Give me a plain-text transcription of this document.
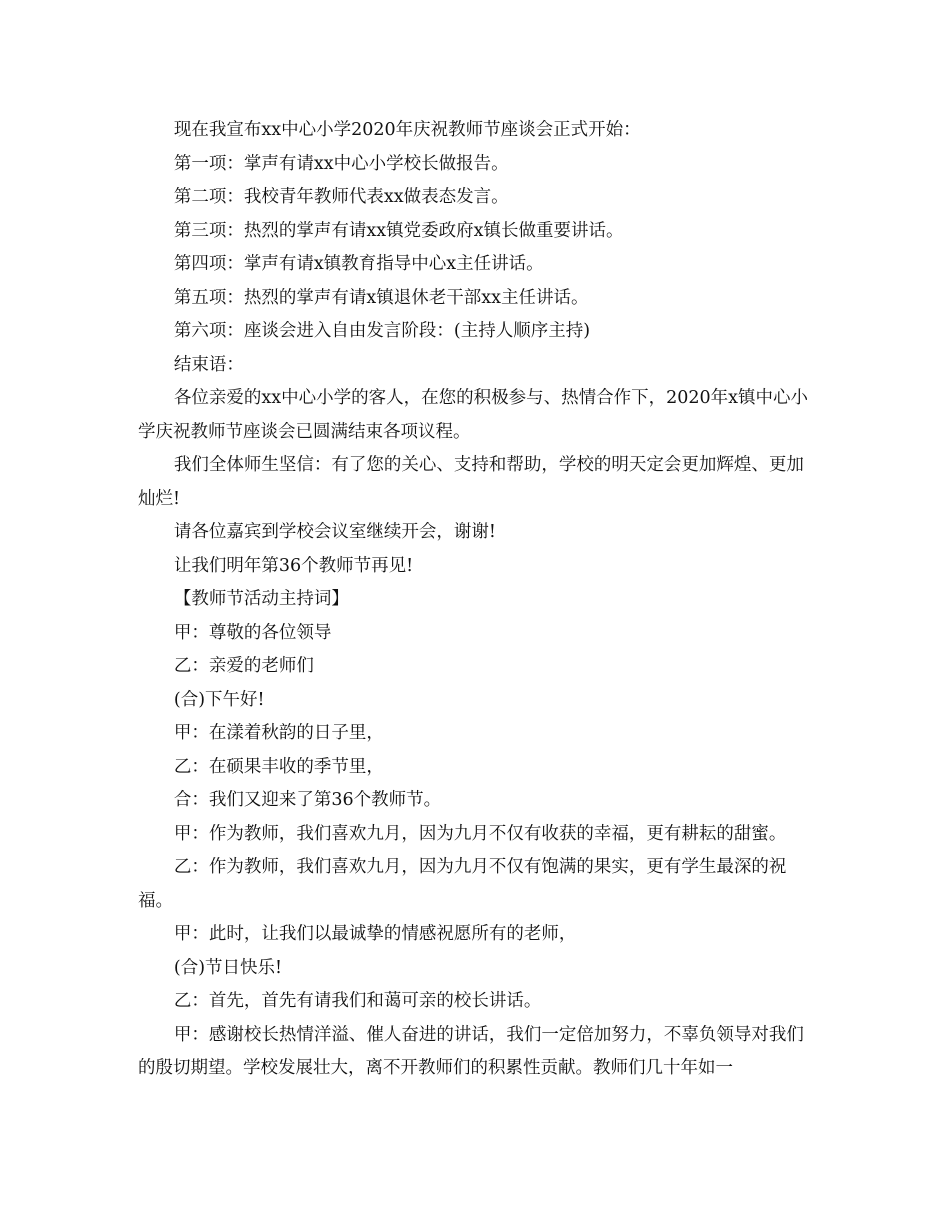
现在我宣布xx中心小学2020年庆祝教师节座谈会正式开始：

第一项：掌声有请xx中心小学校长做报告。

第二项：我校青年教师代表xx做表态发言。

第三项：热烈的掌声有请xx镇党委政府x镇长做重要讲话。

第四项：掌声有请x镇教育指导中心x主任讲话。

第五项：热烈的掌声有请x镇退休老干部xx主任讲话。

第六项：座谈会进入自由发言阶段：(主持人顺序主持)

结束语：

各位亲爱的xx中心小学的客人，在您的积极参与、热情合作下，2020年x镇中心小学庆祝教师节座谈会已圆满结束各项议程。

我们全体师生坚信：有了您的关心、支持和帮助，学校的明天定会更加辉煌、更加灿烂!

请各位嘉宾到学校会议室继续开会，谢谢!

让我们明年第36个教师节再见!

【教师节活动主持词】

甲：尊敬的各位领导

乙：亲爱的老师们

(合)下午好!

甲：在漾着秋韵的日子里，

乙：在硕果丰收的季节里，

合：我们又迎来了第36个教师节。

甲：作为教师，我们喜欢九月，因为九月不仅有收获的幸福，更有耕耘的甜蜜。

乙：作为教师，我们喜欢九月，因为九月不仅有饱满的果实，更有学生最深的祝福。

甲：此时，让我们以最诚挚的情感祝愿所有的老师，

(合)节日快乐!

乙：首先，首先有请我们和蔼可亲的校长讲话。

甲：感谢校长热情洋溢、催人奋进的讲话，我们一定倍加努力，不辜负领导对我们的殷切期望。学校发展壮大，离不开教师们的积累性贡献。教师们几十年如一
